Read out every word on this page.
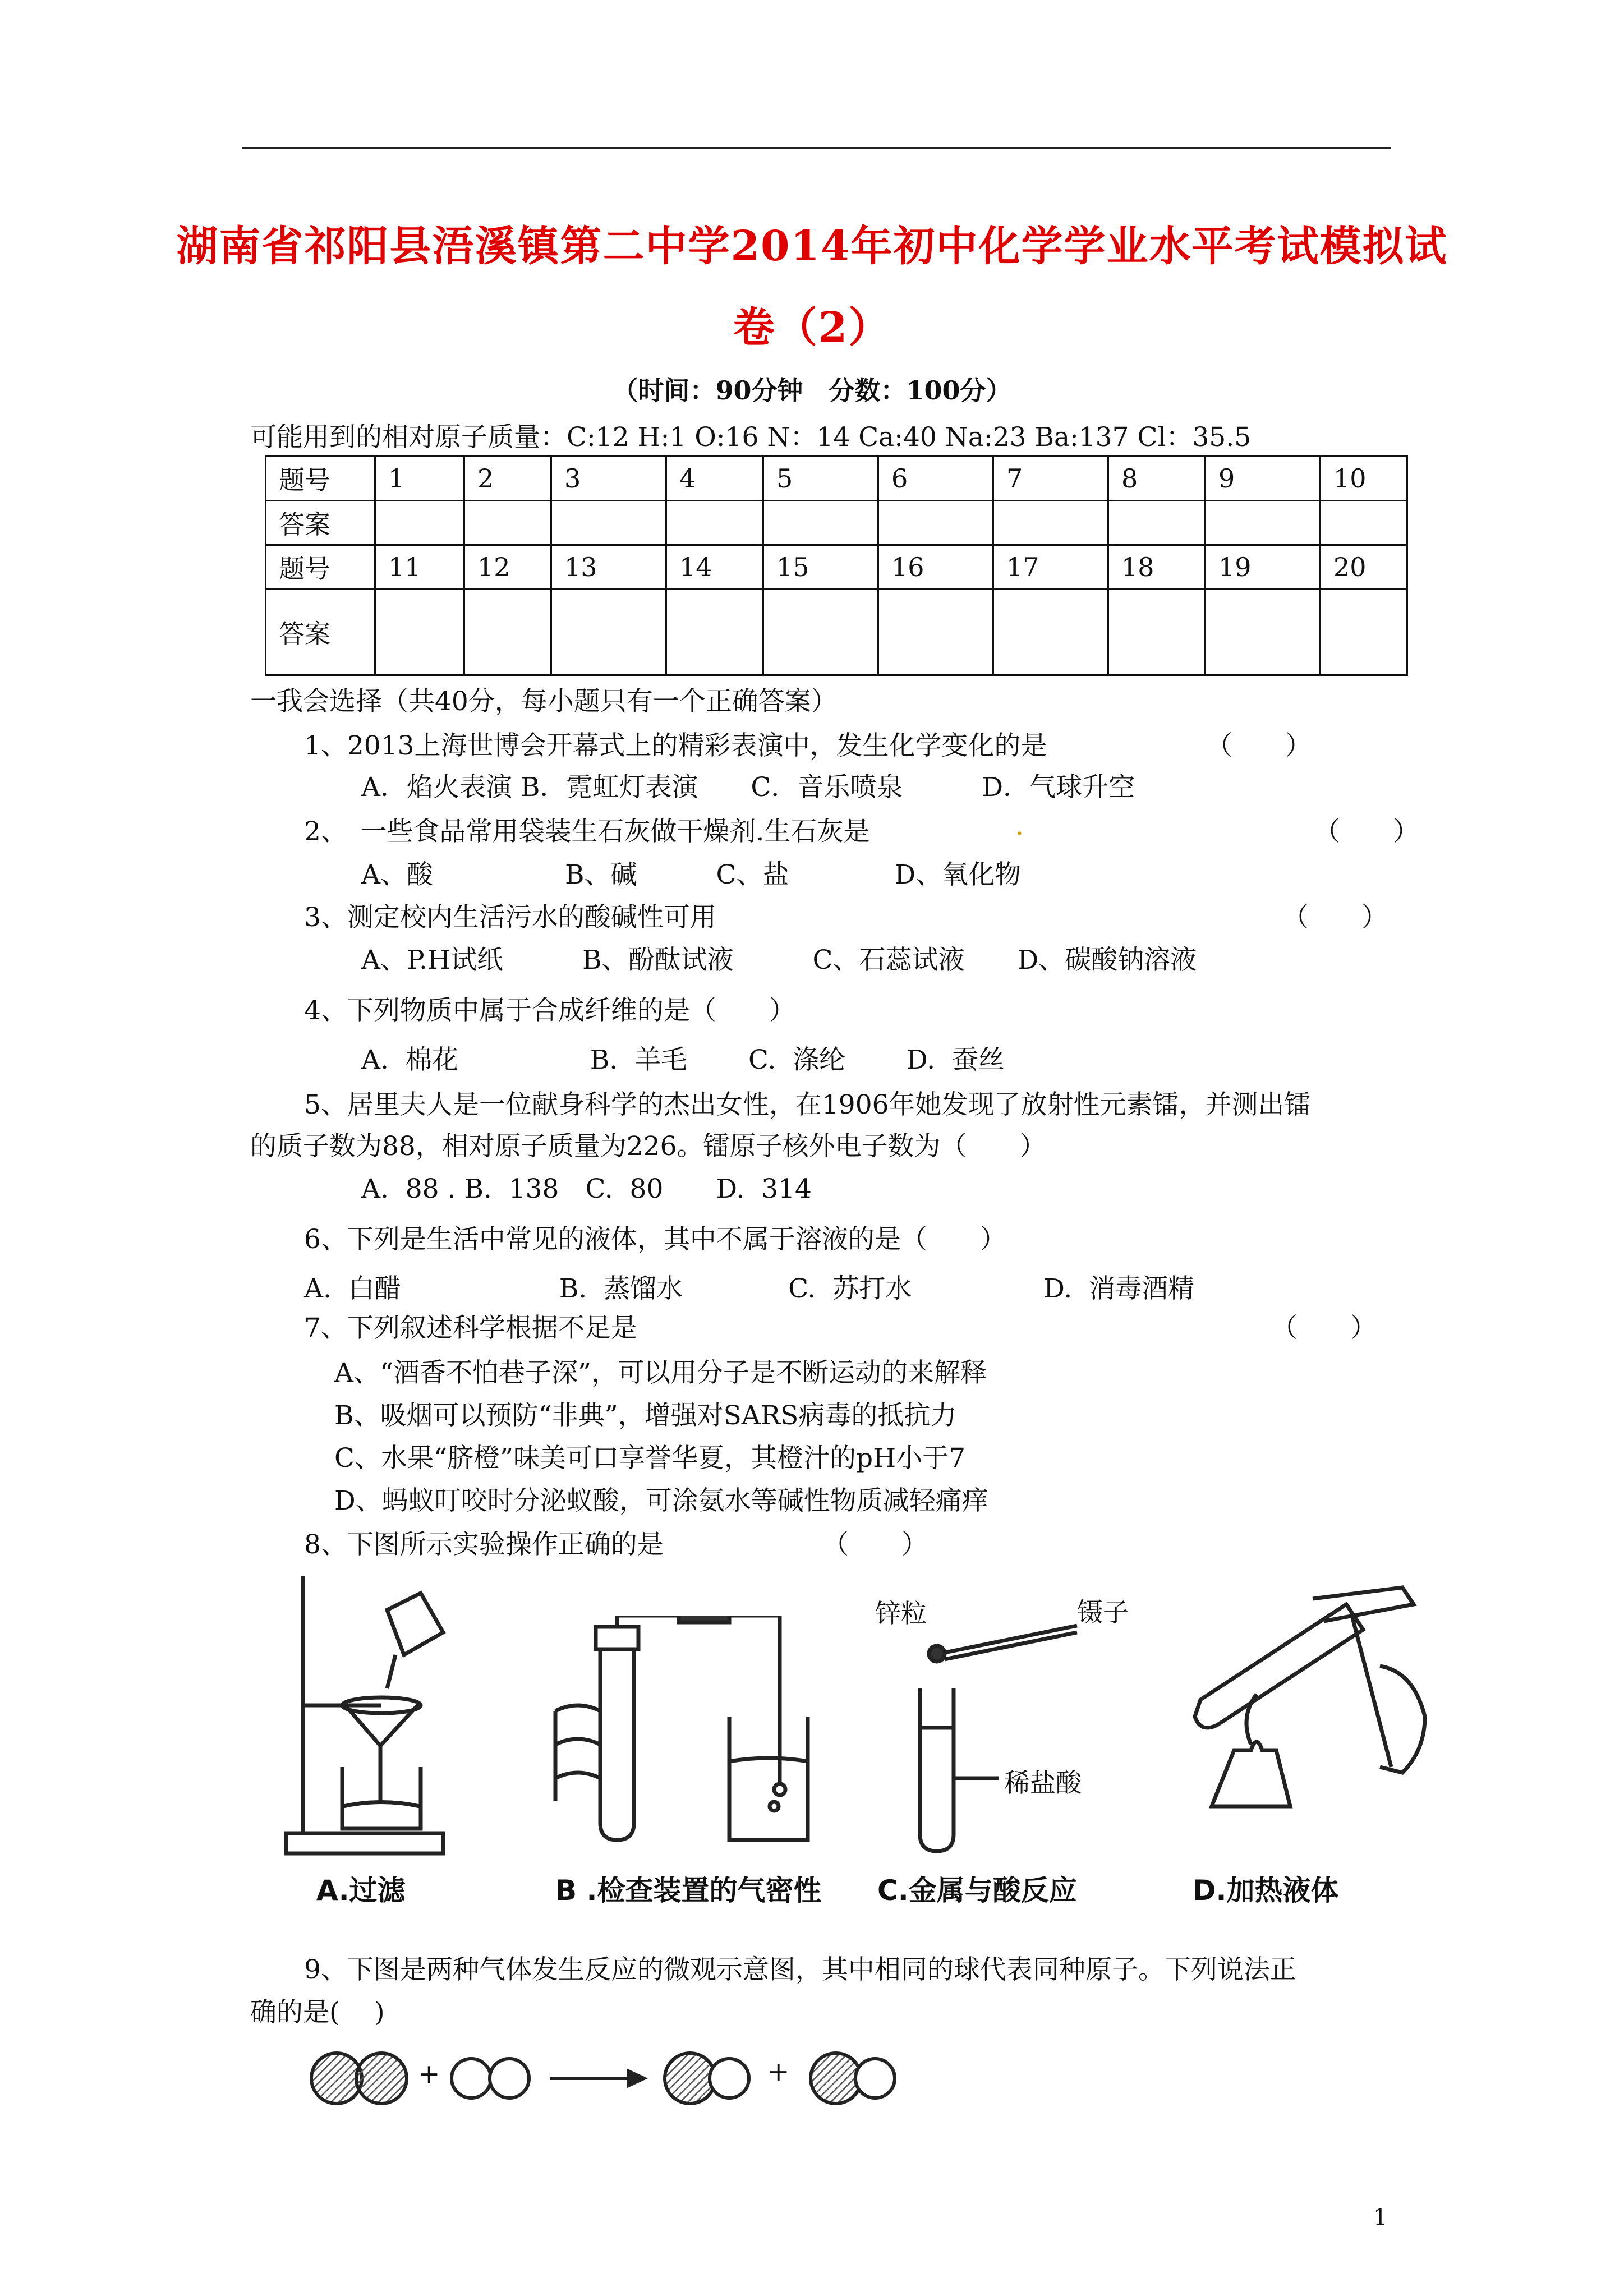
湖南省祁阳县浯溪镇第二中学2014年初中化学学业水平考试模拟试
卷（2）
（时间：90分钟　分数：100分）
可能用到的相对原子质量：C:12 H:1 O:16 N：14 Ca:40 Na:23 Ba:137 Cl：35.5
题号	1	2	3	4	5	6	7	8	9	10
答案										
题号	11	12	13	14	15	16	17	18	19	20
答案										
一我会选择（共40分，每小题只有一个正确答案）
1、2013上海世博会开幕式上的精彩表演中，发生化学变化的是	（　　）
A．焰火表演 B．霓虹灯表演　　C．音乐喷泉　　　D．气球升空
2、　一些食品常用袋装生石灰做干燥剂.生石灰是	.	（　　）
A、酸　　　　　B、碱　　　C、盐　　　　D、氧化物
3、测定校内生活污水的酸碱性可用	（　　）
A、P.H试纸　　　B、酚酞试液　　　C、石蕊试液　　D、碳酸钠溶液
4、下列物质中属于合成纤维的是（　　）
A.  棉花　　　　　B.  羊毛　　 C.  涤纶　　 D.  蚕丝
5、居里夫人是一位献身科学的杰出女性，在1906年她发现了放射性元素镭，并测出镭
的质子数为88，相对原子质量为226。镭原子核外电子数为（　　）
A.  88 . B.  138　C.  80　　D.  314
6、下列是生活中常见的液体，其中不属于溶液的是（　　）
A.  白醋　　　　　　B.  蒸馏水　　　　C.  苏打水　　　　　D.  消毒酒精
7、下列叙述科学根据不足是	（　　）
A、“酒香不怕巷子深”，可以用分子是不断运动的来解释
B、吸烟可以预防“非典”，增强对SARS病毒的抵抗力
C、水果“脐橙”味美可口享誉华夏，其橙汁的pH小于7
D、蚂蚁叮咬时分泌蚁酸，可涂氨水等碱性物质减轻痛痒
8、下图所示实验操作正确的是	（　　）
A.过滤	B .检查装置的气密性
锌粒	镊子
稀盐酸
C.金属与酸反应	D.加热液体
9、下图是两种气体发生反应的微观示意图，其中相同的球代表同种原子。下列说法正
确的是(　 )
+	+
1
